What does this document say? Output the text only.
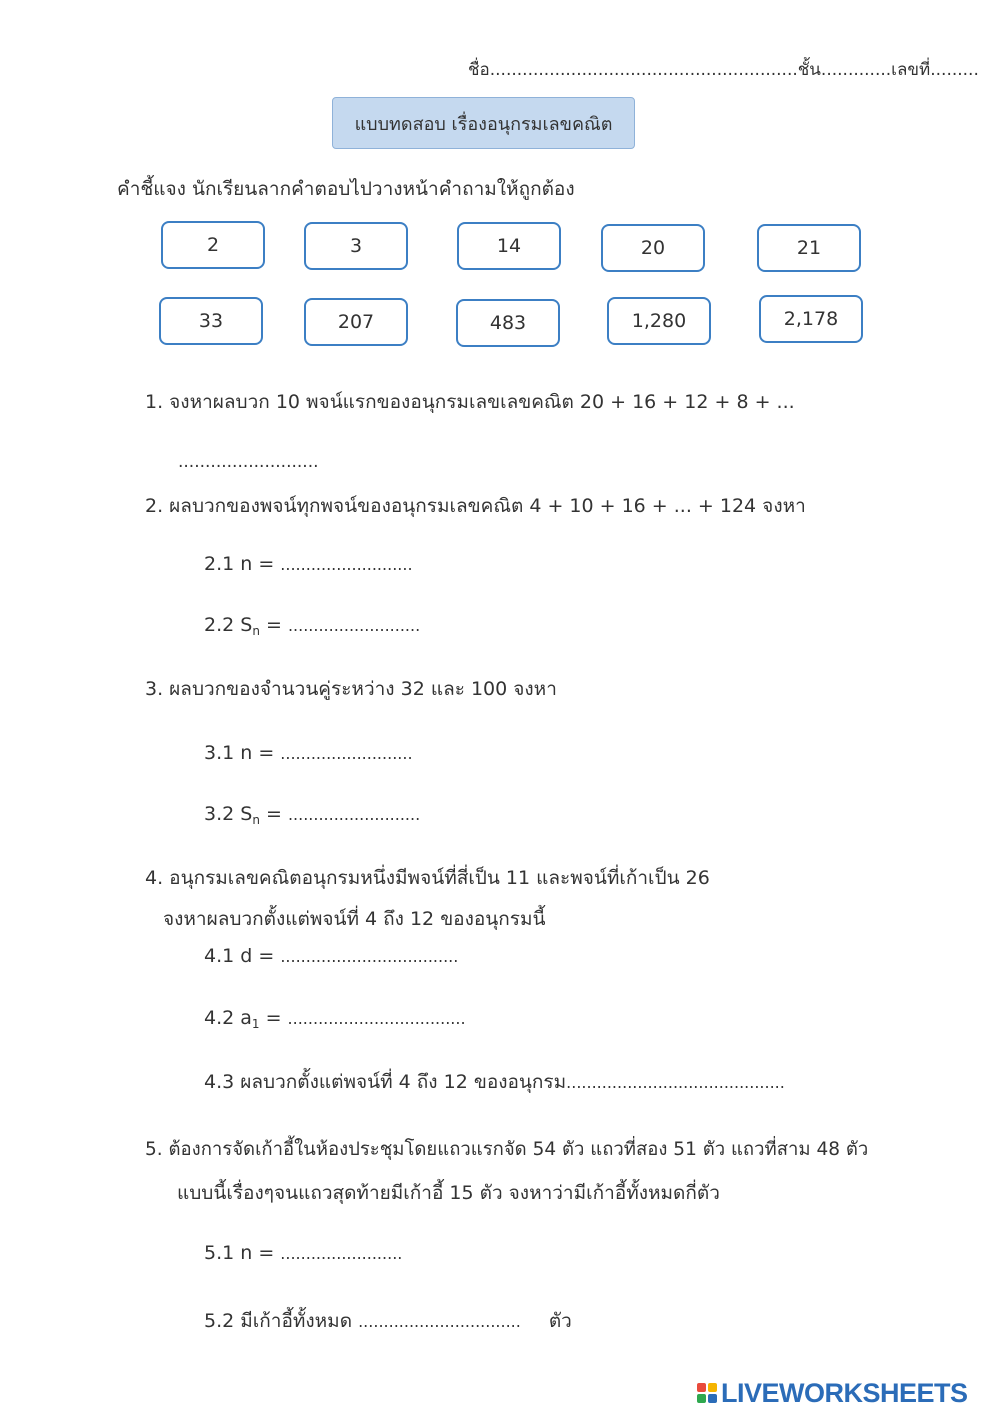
ชื่อ.........................................................ชั้น.............เลขที่.........
แบบทดสอบ เรื่องอนุกรมเลขคณิต
คำชี้แจง นักเรียนลากคำตอบไปวางหน้าคำถามให้ถูกต้อง
2	3	14	20	21
33	207	483	1,280	2,178
1. จงหาผลบวก 10 พจน์แรกของอนุกรมเลขเลขคณิต 20 + 16 + 12 + 8 + ...
..........................
2. ผลบวกของพจน์ทุกพจน์ของอนุกรมเลขคณิต 4 + 10 + 16 + ... + 124 จงหา
2.1 n = ..........................
2.2 $S_n$ = ..........................
3. ผลบวกของจำนวนคู่ระหว่าง 32 และ 100 จงหา
3.1 n = ..........................
3.2 $S_n$ = ..........................
4. อนุกรมเลขคณิตอนุกรมหนึ่งมีพจน์ที่สี่เป็น 11 และพจน์ที่เก้าเป็น 26
จงหาผลบวกตั้งแต่พจน์ที่ 4 ถึง 12 ของอนุกรมนี้
4.1 d = ...................................
4.2 $a_1$ = ...................................
4.3 ผลบวกตั้งแต่พจน์ที่ 4 ถึง 12 ของอนุกรม...........................................
5. ต้องการจัดเก้าอี้ในห้องประชุมโดยแถวแรกจัด 54 ตัว แถวที่สอง 51 ตัว แถวที่สาม 48 ตัว
แบบนี้เรื่องๆจนแถวสุดท้ายมีเก้าอี้ 15 ตัว จงหาว่ามีเก้าอี้ทั้งหมดกี่ตัว
5.1 n = ........................
5.2 มีเก้าอี้ทั้งหมด ................................ ตัว
LIVEWORKSHEETS
